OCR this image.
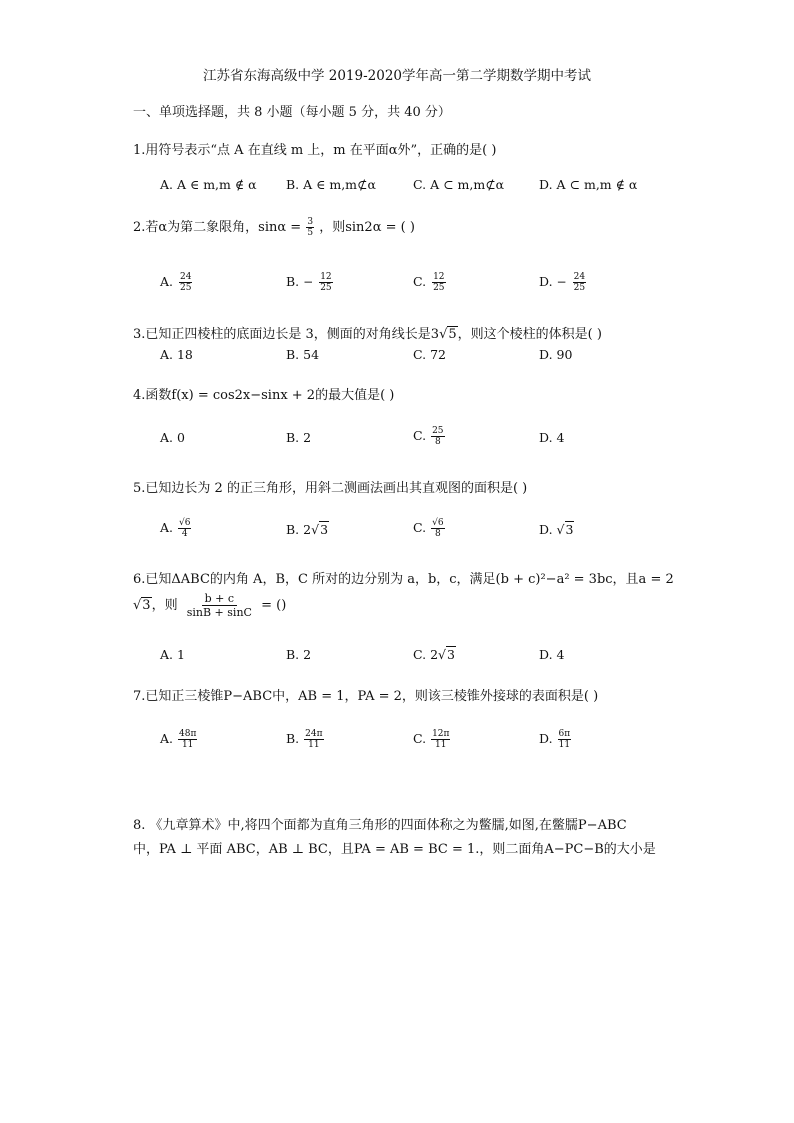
江苏省东海高级中学 2019-2020学年高一第二学期数学期中考试
一、单项选择题，共 8 小题（每小题 5 分，共 40 分）
1.用符号表示“点 A 在直线 m 上，m 在平面α外”，正确的是( )
A. A ∈ m,m ∉ α B. A ∈ m,m⊄α	C. A ⊂ m,m⊄α	D. A ⊂ m,m ∉ α
2.若α为第二象限角，$\sin\alpha = \frac{3}{5}$ ，则sin2α = ( )
A. $\frac{24}{25}$	B. − $\frac{12}{25}$	C. $\frac{12}{25}$	D. − $\frac{24}{25}$
3.已知正四棱柱的底面边长是 3，侧面的对角线长是3√5，则这个棱柱的体积是( )
A. 18	B. 54	C. 72	D. 90
4.函数f(x) = cos2x−sinx + 2的最大值是( )
A. 0	B. 2	C. $\frac{25}{8}$	D. 4
5.已知边长为 2 的正三角形，用斜二测画法画出其直观图的面积是( )
A. $\frac{√6}{4}$	B. 2√3	C. $\frac{√6}{8}$	D. √3
6.已知ΔABC的内角 A，B，C 所对的边分别为 a，b，c，满足(b + c)²−a² = 3bc，且a = 2
√3，则 $\frac{b + c}{\sin B + \sin C}$ = ()
A. 1	B. 2	C. 2√3	D. 4
7.已知正三棱锥P−ABC中，AB = 1，PA = 2，则该三棱锥外接球的表面积是( )
A. $\frac{48\pi}{11}$	B. $\frac{24\pi}{11}$	C. $\frac{12\pi}{11}$	D. $\frac{6\pi}{11}$
8. 《九章算术》中,将四个面都为直角三角形的四面体称之为鳖臑,如图,在鳖臑P−ABC
中，PA ⊥ 平面 ABC，AB ⊥ BC，且PA = AB = BC = 1.，则二面角A−PC−B的大小是
